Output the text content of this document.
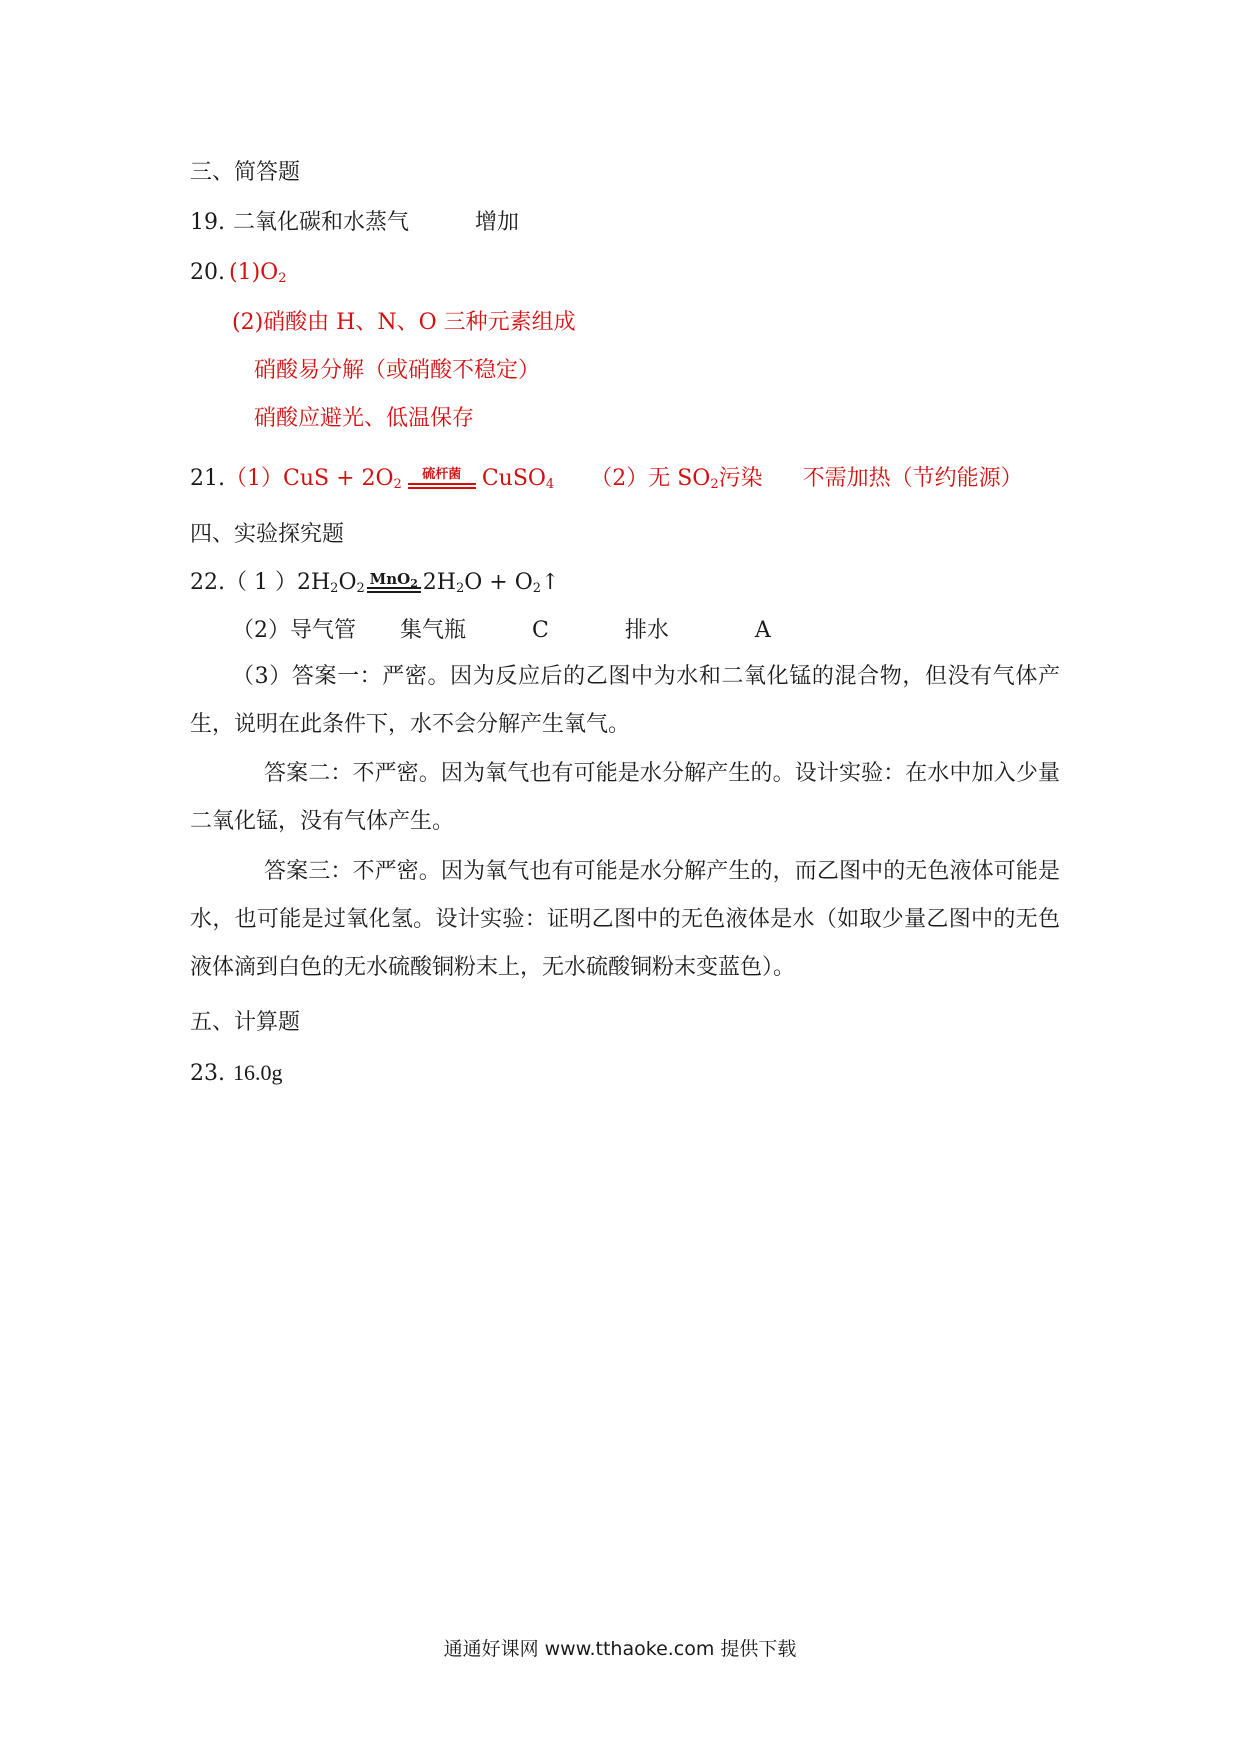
三、简答题
19. 二氧化碳和水蒸气	增加
20. $(1)O_2$
(2)硝酸由 H、N、O 三种元素组成
硝酸易分解（或硝酸不稳定）
硝酸应避光、低温保存
$21.(1)CuS + 2O_2$
硫杆菌 CuSO$_4$ （2）无 $SO_2$污染 不需加热（节约能源）
四、实验探究题
22.（ 1 ）$2H_2O_2$
MnO$_2$ $2H_2O$ + $O_2↑$
（2）导气管 集气瓶	C	排水	A
（3）答案一：严密。因为反应后的乙图中为水和二氧化锰的混合物，但没有气体产生，说明在此条件下，水不会分解产生氧气。
答案二：不严密。因为氧气也有可能是水分解产生的。设计实验：在水中加入少量二氧化锰，没有气体产生。
答案三：不严密。因为氧气也有可能是水分解产生的，而乙图中的无色液体可能是水，也可能是过氧化氢。设计实验：证明乙图中的无色液体是水（如取少量乙图中的无色液体滴到白色的无水硫酸铜粉末上，无水硫酸铜粉末变蓝色）。
五、计算题
23. 16.0g
通通好课网 www.tthaoke.com 提供下载
